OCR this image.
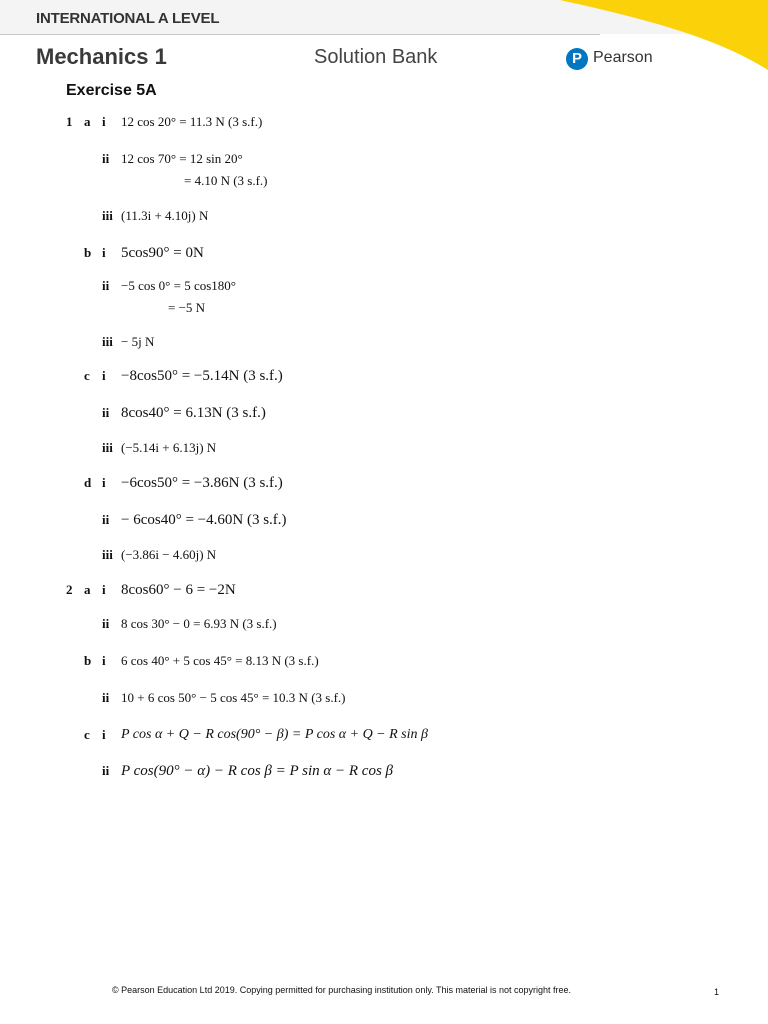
INTERNATIONAL A LEVEL
Mechanics 1	Solution Bank	P Pearson
Exercise 5A
1 a i 12 cos 20° = 11.3 N (3 s.f.)
ii 12 cos 70° = 12 sin 20°
= 4.10 N (3 s.f.)
iii (11.3i + 4.10j) N
b i 5cos90° = 0N
ii −5 cos 0° = 5 cos180°
= −5 N
iii − 5j N
c i −8cos50° = −5.14N (3 s.f.)
ii 8cos40° = 6.13N (3 s.f.)
iii (−5.14i + 6.13j) N
d i −6cos50° = −3.86N (3 s.f.)
ii − 6cos40° = −4.60N (3 s.f.)
iii (−3.86i − 4.60j) N
2 a i 8cos60° − 6 = −2N
ii 8 cos 30° − 0 = 6.93 N (3 s.f.)
b i 6 cos 40° + 5 cos 45° = 8.13 N (3 s.f.)
ii 10 + 6 cos 50° − 5 cos 45° = 10.3 N (3 s.f.)
c i P cos α + Q − R cos(90° − β) = P cos α + Q − R sin β
ii P cos(90° − α) − R cos β = P sin α − R cos β
© Pearson Education Ltd 2019. Copying permitted for purchasing institution only. This material is not copyright free.	1
